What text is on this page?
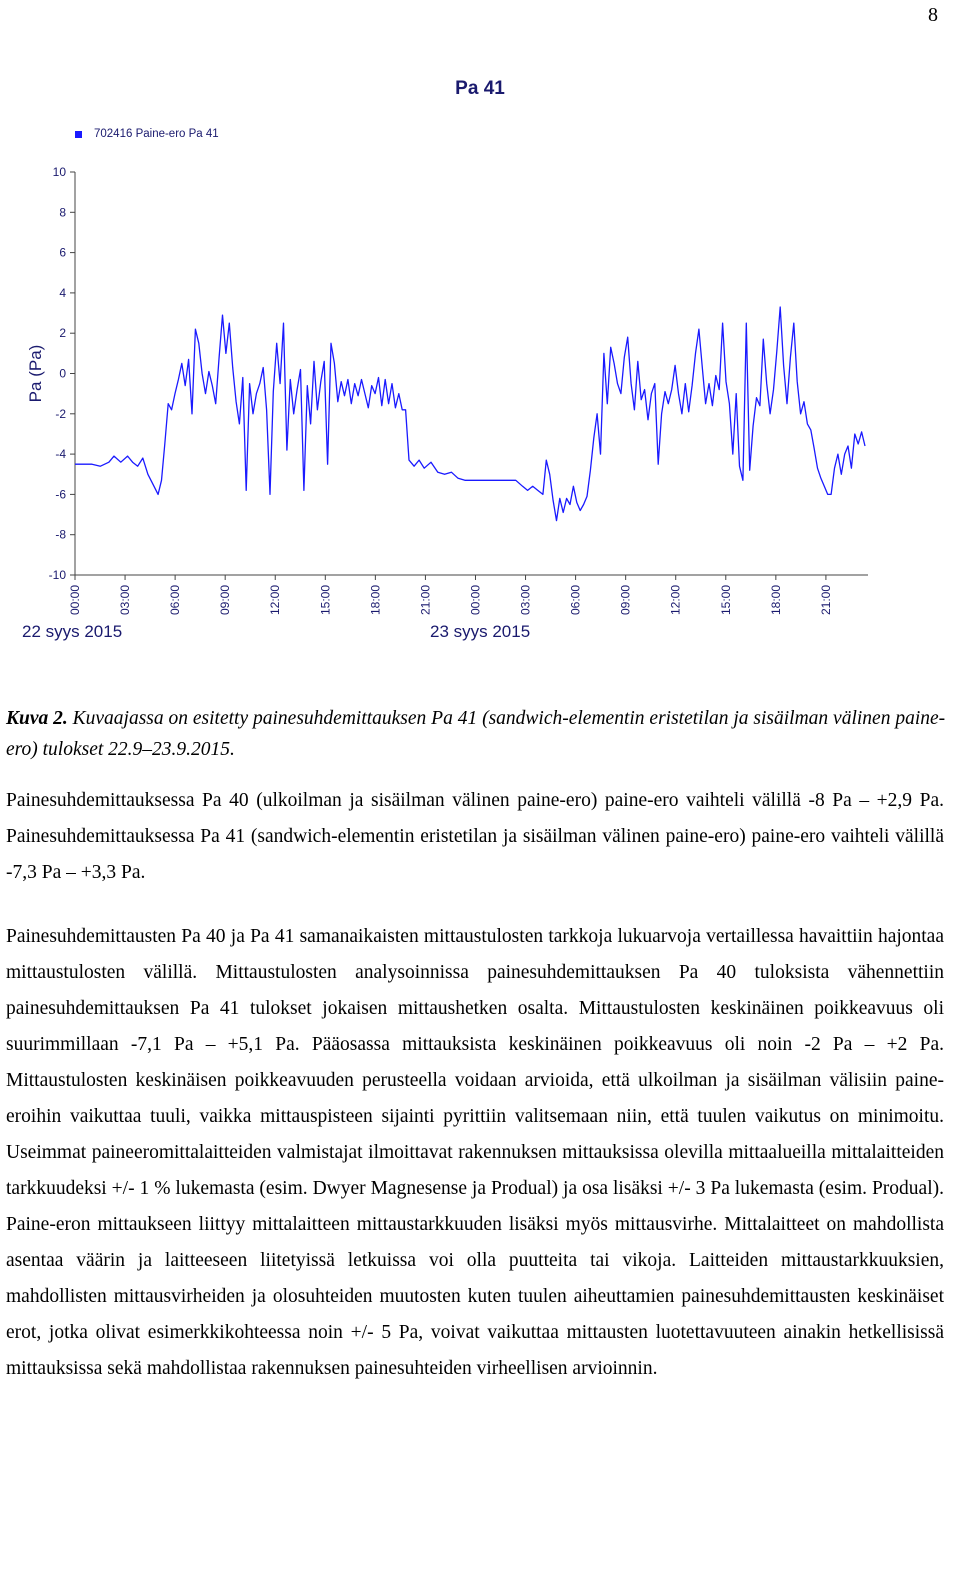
8
Pa 41
702416 Paine-ero Pa 41
10
8
6
4
2
0
-2
-4
-6
-8
-10
Pa (Pa)
00:00	03:00	06:00	09:00	12:00	15:00	18:00	21:00	00:00	03:00	06:00	09:00	12:00	15:00	18:00	21:00
22 syys 2015	23 syys 2015
Kuva 2. Kuvaajassa on esitetty painesuhdemittauksen Pa 41 (sandwich-elementin eristetilan ja sisäilman välinen paine-ero) tulokset 22.9–23.9.2015.
Painesuhdemittauksessa Pa 40 (ulkoilman ja sisäilman välinen paine-ero) paine-ero vaihteli välillä -8 Pa – +2,9 Pa. Painesuhdemittauksessa Pa 41 (sandwich-elementin eristetilan ja sisäilman välinen paine-ero) paine-ero vaihteli välillä -7,3 Pa – +3,3 Pa.
Painesuhdemittausten Pa 40 ja Pa 41 samanaikaisten mittaustulosten tarkkoja lukuarvoja vertaillessa havaittiin hajontaa mittaustulosten välillä. Mittaustulosten analysoinnissa painesuhdemittauksen Pa 40 tuloksista vähennettiin painesuhdemittauksen Pa 41 tulokset jokaisen mittaushetken osalta. Mittaustulosten keskinäinen poikkeavuus oli suurimmillaan -7,1 Pa – +5,1 Pa. Pääosassa mittauksista keskinäinen poikkeavuus oli noin -2 Pa – +2 Pa. Mittaustulosten keskinäisen poikkeavuuden perusteella voidaan arvioida, että ulkoilman ja sisäilman välisiin paine-eroihin vaikuttaa tuuli, vaikka mittauspisteen sijainti pyrittiin valitsemaan niin, että tuulen vaikutus on minimoitu. Useimmat paineeromittalaitteiden valmistajat ilmoittavat rakennuksen mittauksissa olevilla mittaalueilla mittalaitteiden tarkkuudeksi +/- 1 % lukemasta (esim. Dwyer Magnesense ja Produal) ja osa lisäksi +/- 3 Pa lukemasta (esim. Produal). Paine-eron mittaukseen liittyy mittalaitteen mittaustarkkuuden lisäksi myös mittausvirhe. Mittalaitteet on mahdollista asentaa väärin ja laitteeseen liitetyissä letkuissa voi olla puutteita tai vikoja. Laitteiden mittaustarkkuuksien, mahdollisten mittausvirheiden ja olosuhteiden muutosten kuten tuulen aiheuttamien painesuhdemittausten keskinäiset erot, jotka olivat esimerkkikohteessa noin +/- 5 Pa, voivat vaikuttaa mittausten luotettavuuteen ainakin hetkellisissä mittauksissa sekä mahdollistaa rakennuksen painesuhteiden virheellisen arvioinnin.
